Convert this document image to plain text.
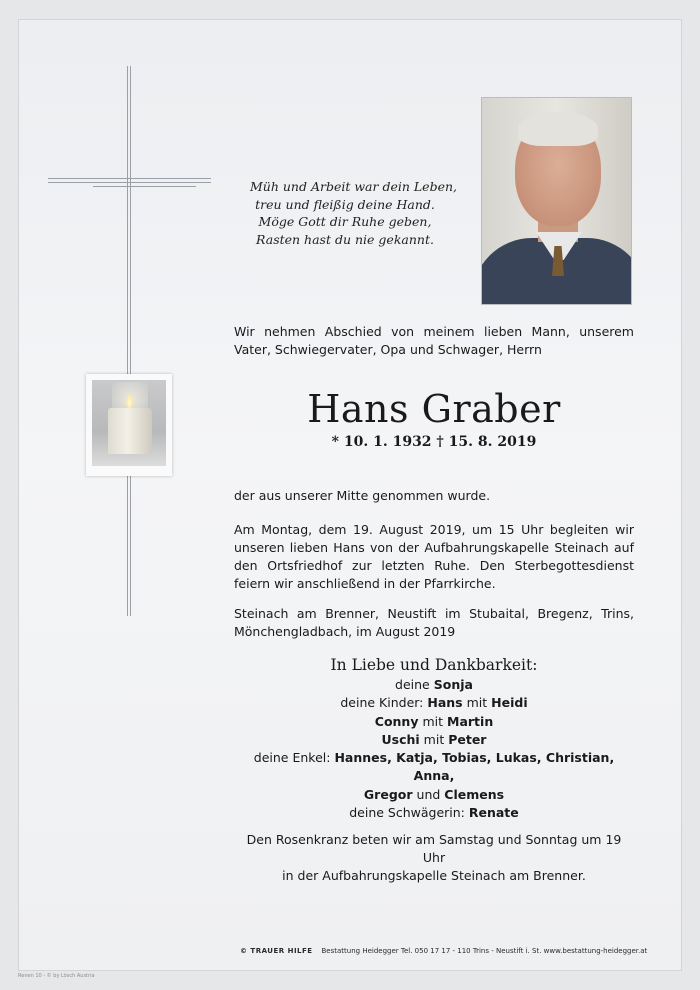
Müh und Arbeit war dein Leben,
treu und fleißig deine Hand.
Möge Gott dir Ruhe geben,
Rasten hast du nie gekannt.
Wir nehmen Abschied von meinem lieben Mann, unserem Vater, Schwiegervater, Opa und Schwager, Herrn
Hans Graber
* 10. 1. 1932 † 15. 8. 2019
der aus unserer Mitte genommen wurde.
Am Montag, dem 19. August 2019, um 15 Uhr begleiten wir unseren lieben Hans von der Aufbahrungskapelle Steinach auf den Ortsfriedhof zur letzten Ruhe. Den Sterbegottesdienst feiern wir anschließend in der Pfarrkirche.
Steinach am Brenner, Neustift im Stubaital, Bregenz, Trins, Mönchengladbach, im August 2019
In Liebe und Dankbarkeit:
deine Sonja
deine Kinder: Hans mit Heidi
Conny mit Martin
Uschi mit Peter
deine Enkel: Hannes, Katja, Tobias, Lukas, Christian, Anna,
Gregor und Clemens
deine Schwägerin: Renate
Den Rosenkranz beten wir am Samstag und Sonntag um 19 Uhr
in der Aufbahrungskapelle Steinach am Brenner.
© TRAUER HILFE Bestattung Heidegger Tel. 050 17 17 - 110 Trins - Neustift i. St. www.bestattung-heidegger.at
Renen 10 - © by Lösch Austria
